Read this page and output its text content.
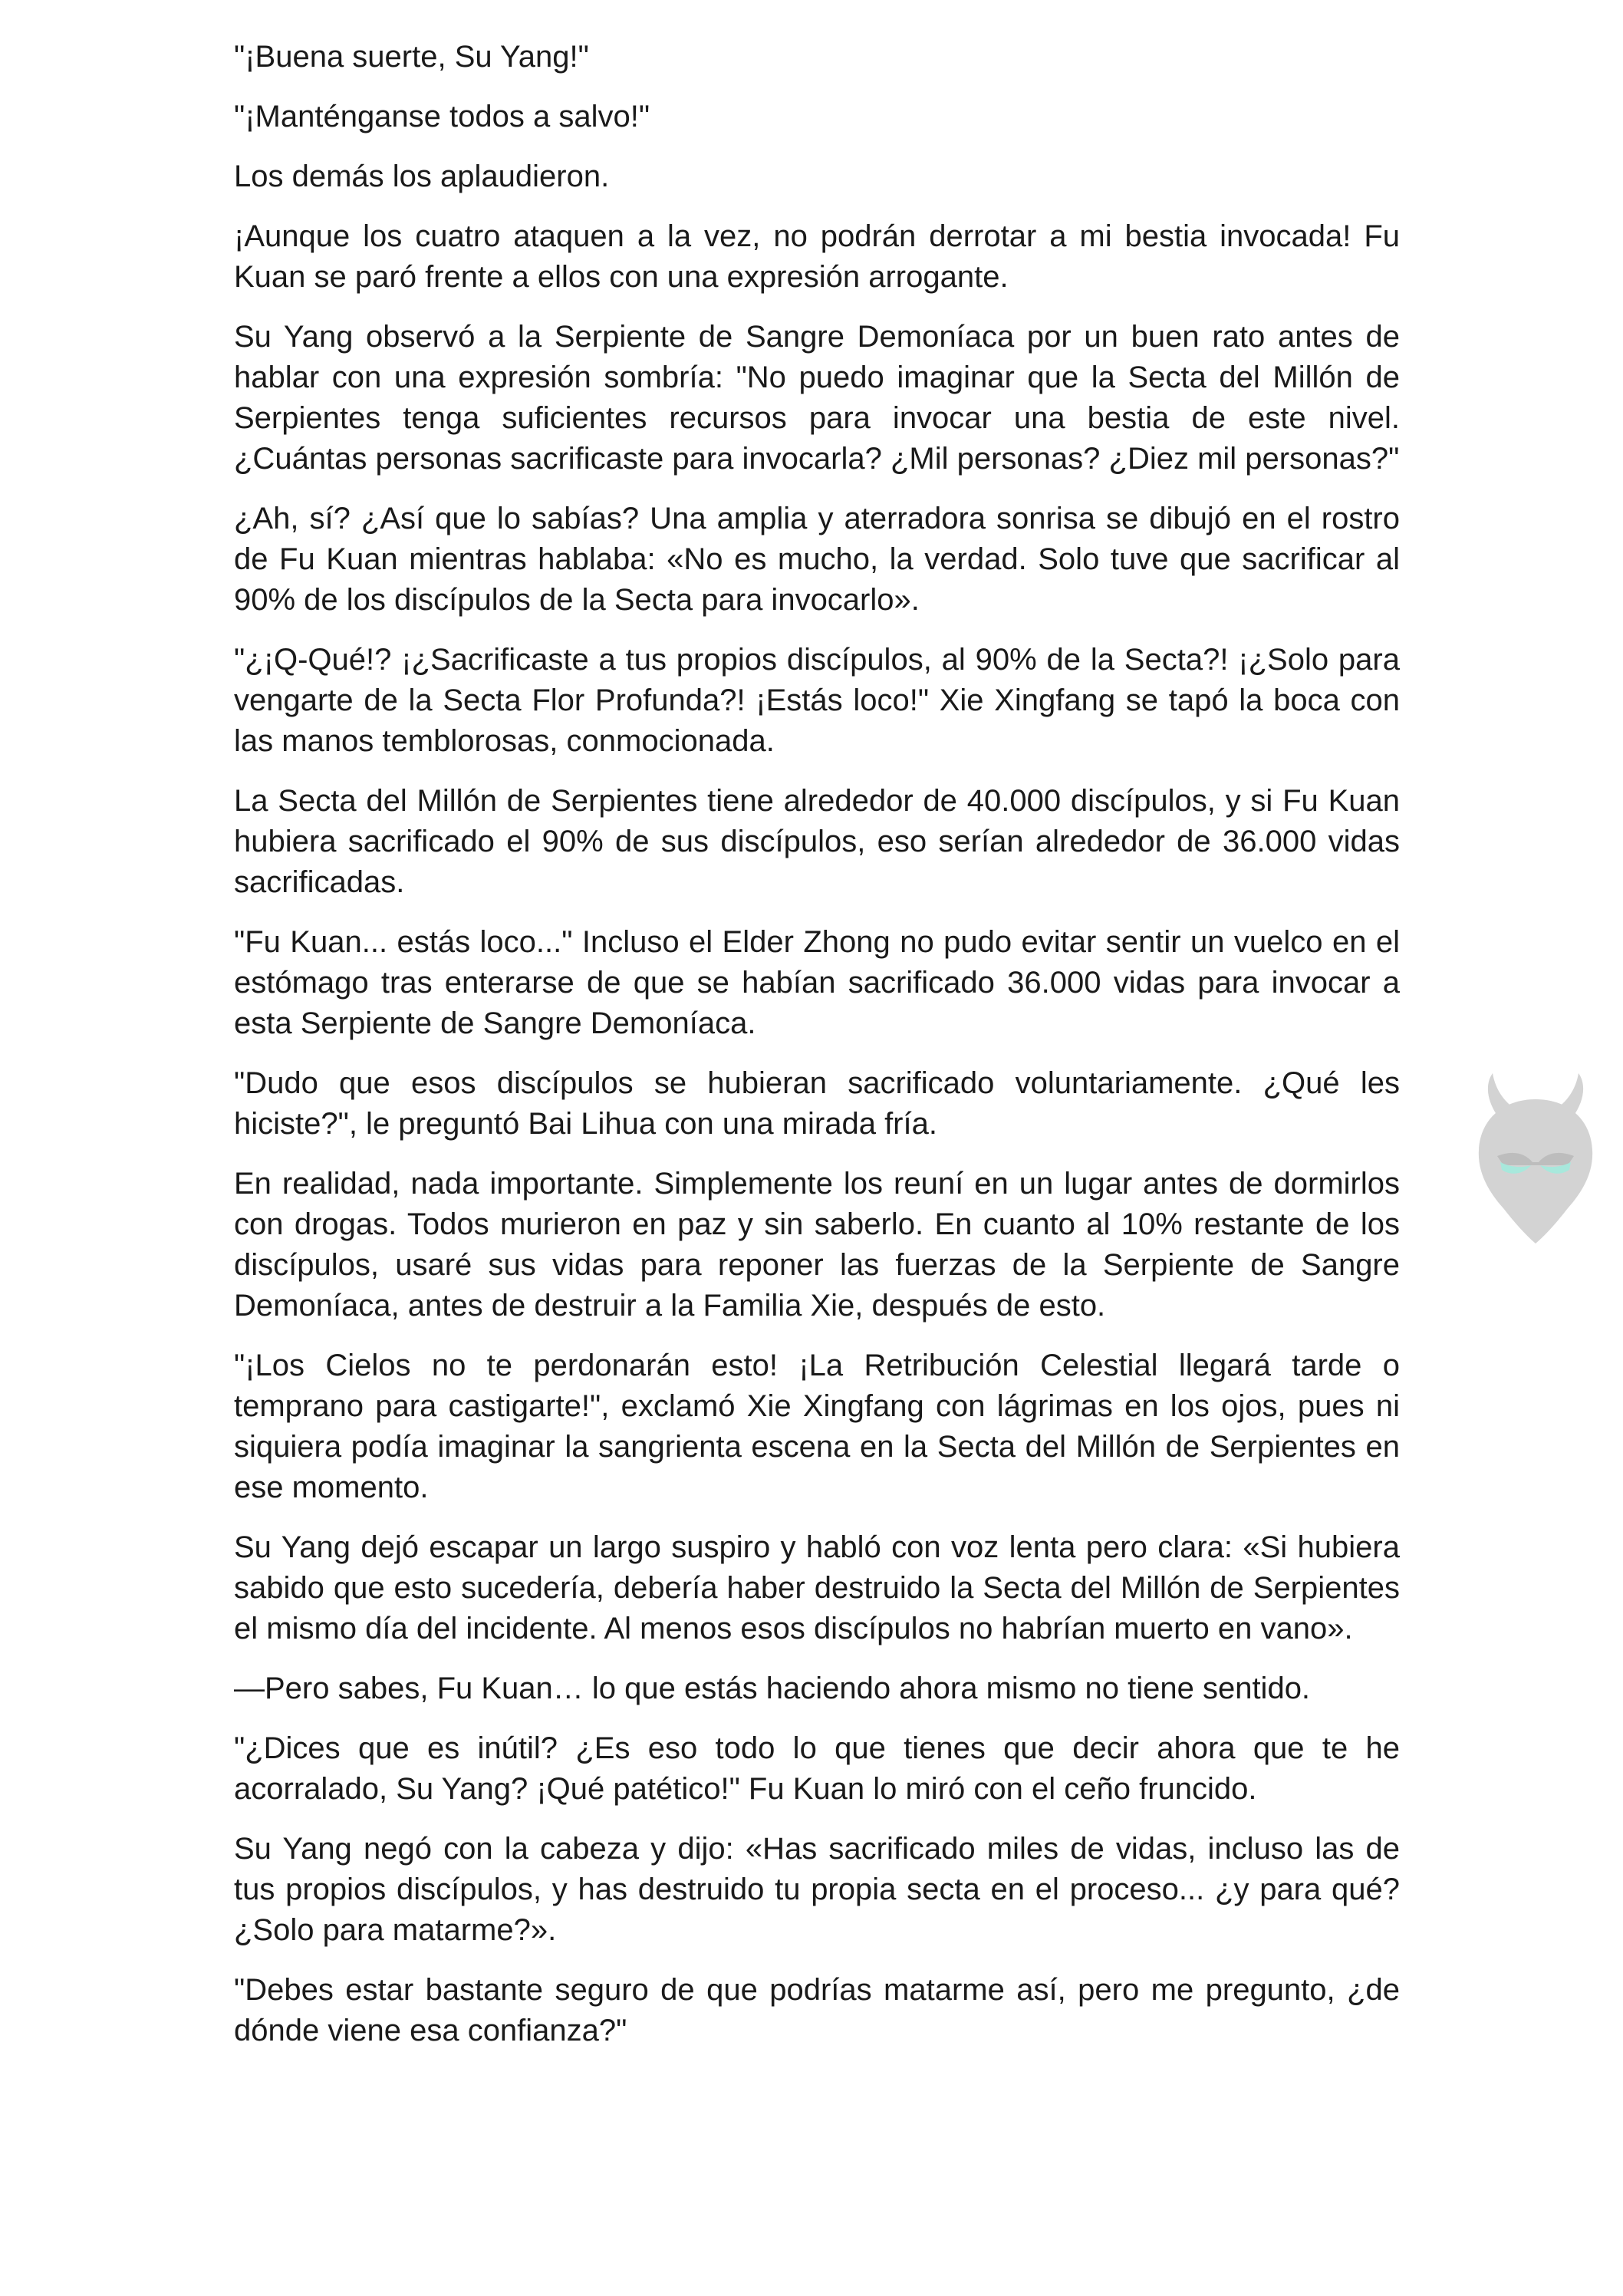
"¡Buena suerte, Su Yang!"

"¡Manténganse todos a salvo!"

Los demás los aplaudieron.

¡Aunque los cuatro ataquen a la vez, no podrán derrotar a mi bestia invocada! Fu Kuan se paró frente a ellos con una expresión arrogante.

Su Yang observó a la Serpiente de Sangre Demoníaca por un buen rato antes de hablar con una expresión sombría: "No puedo imaginar que la Secta del Millón de Serpientes tenga suficientes recursos para invocar una bestia de este nivel. ¿Cuántas personas sacrificaste para invocarla? ¿Mil personas? ¿Diez mil personas?"

¿Ah, sí? ¿Así que lo sabías? Una amplia y aterradora sonrisa se dibujó en el rostro de Fu Kuan mientras hablaba: «No es mucho, la verdad. Solo tuve que sacrificar al 90% de los discípulos de la Secta para invocarlo».

"¿¡Q-Qué!? ¡¿Sacrificaste a tus propios discípulos, al 90% de la Secta?! ¡¿Solo para vengarte de la Secta Flor Profunda?! ¡Estás loco!" Xie Xingfang se tapó la boca con las manos temblorosas, conmocionada.

La Secta del Millón de Serpientes tiene alrededor de 40.000 discípulos, y si Fu Kuan hubiera sacrificado el 90% de sus discípulos, eso serían alrededor de 36.000 vidas sacrificadas.

"Fu Kuan... estás loco..." Incluso el Elder Zhong no pudo evitar sentir un vuelco en el estómago tras enterarse de que se habían sacrificado 36.000 vidas para invocar a esta Serpiente de Sangre Demoníaca.

"Dudo que esos discípulos se hubieran sacrificado voluntariamente. ¿Qué les hiciste?", le preguntó Bai Lihua con una mirada fría.

En realidad, nada importante. Simplemente los reuní en un lugar antes de dormirlos con drogas. Todos murieron en paz y sin saberlo. En cuanto al 10% restante de los discípulos, usaré sus vidas para reponer las fuerzas de la Serpiente de Sangre Demoníaca, antes de destruir a la Familia Xie, después de esto.

"¡Los Cielos no te perdonarán esto! ¡La Retribución Celestial llegará tarde o temprano para castigarte!", exclamó Xie Xingfang con lágrimas en los ojos, pues ni siquiera podía imaginar la sangrienta escena en la Secta del Millón de Serpientes en ese momento.

Su Yang dejó escapar un largo suspiro y habló con voz lenta pero clara: «Si hubiera sabido que esto sucedería, debería haber destruido la Secta del Millón de Serpientes el mismo día del incidente. Al menos esos discípulos no habrían muerto en vano».

—Pero sabes, Fu Kuan… lo que estás haciendo ahora mismo no tiene sentido.

"¿Dices que es inútil? ¿Es eso todo lo que tienes que decir ahora que te he acorralado, Su Yang? ¡Qué patético!" Fu Kuan lo miró con el ceño fruncido.

Su Yang negó con la cabeza y dijo: «Has sacrificado miles de vidas, incluso las de tus propios discípulos, y has destruido tu propia secta en el proceso... ¿y para qué? ¿Solo para matarme?».

"Debes estar bastante seguro de que podrías matarme así, pero me pregunto, ¿de dónde viene esa confianza?"
